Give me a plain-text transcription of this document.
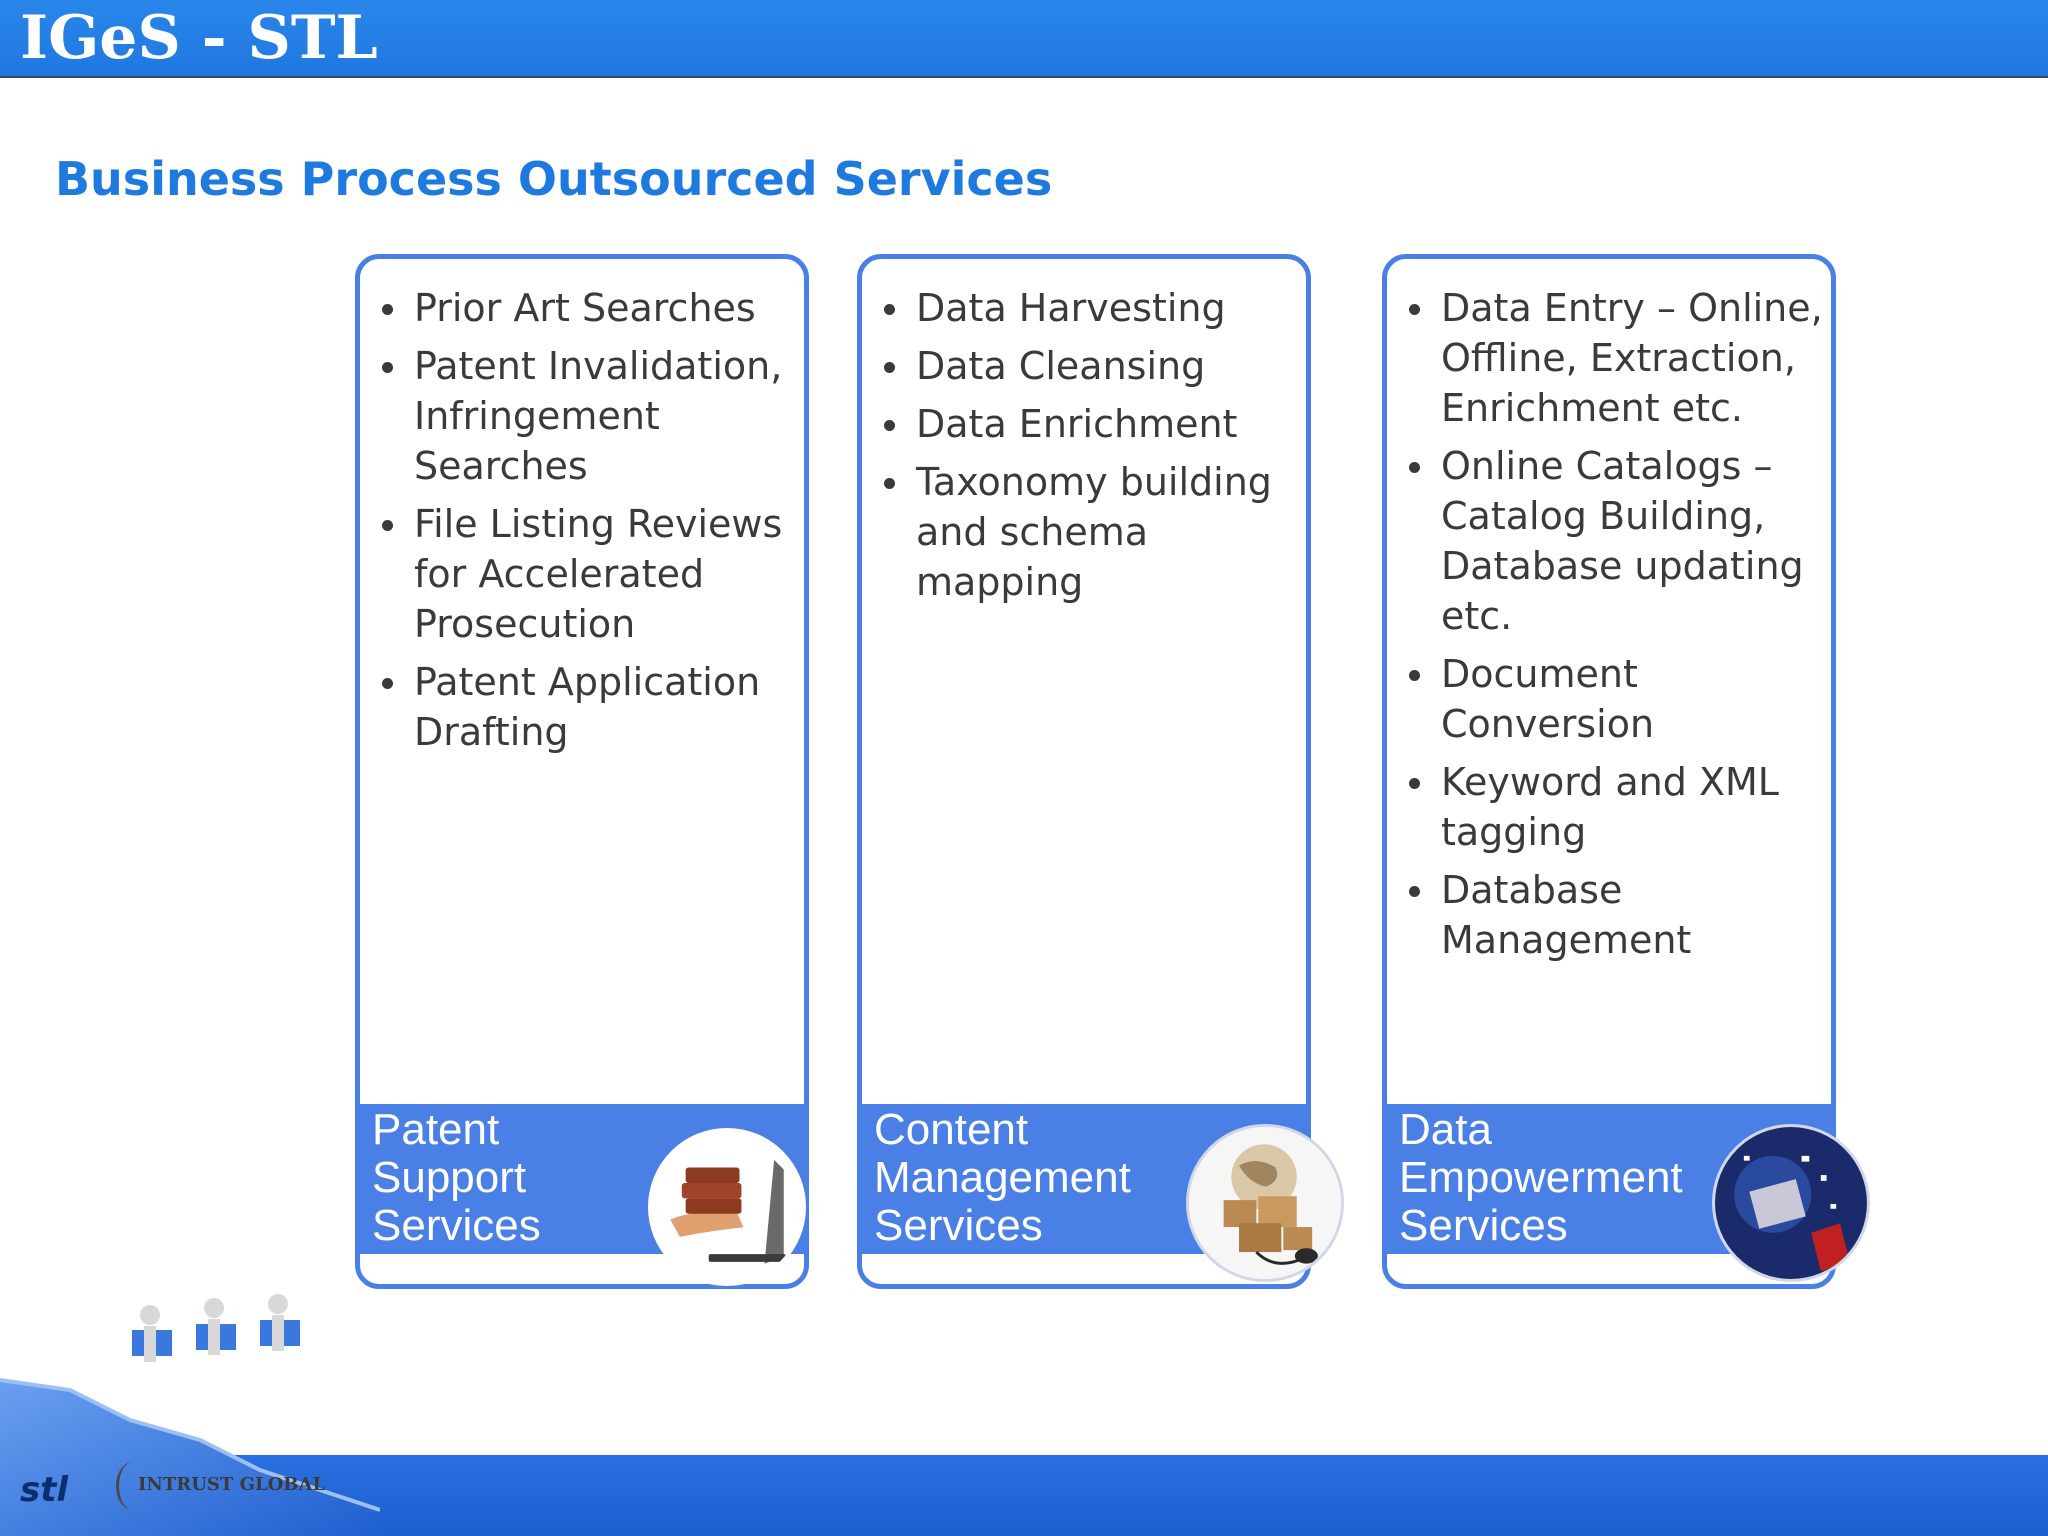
IGeS - STL
Business Process Outsourced Services
Prior Art Searches
Patent Invalidation, Infringement Searches
File Listing Reviews for Accelerated Prosecution
Patent Application Drafting
Patent
Support
Services
Data Harvesting
Data Cleansing
Data Enrichment
Taxonomy building and schema mapping
Content
Management
Services
Data Entry – Online, Offline, Extraction, Enrichment etc.
Online Catalogs – Catalog Building, Database updating etc.
Document Conversion
Keyword and XML tagging
Database Management
Data
Empowerment
Services
stl	INTRUST GLOBAL
